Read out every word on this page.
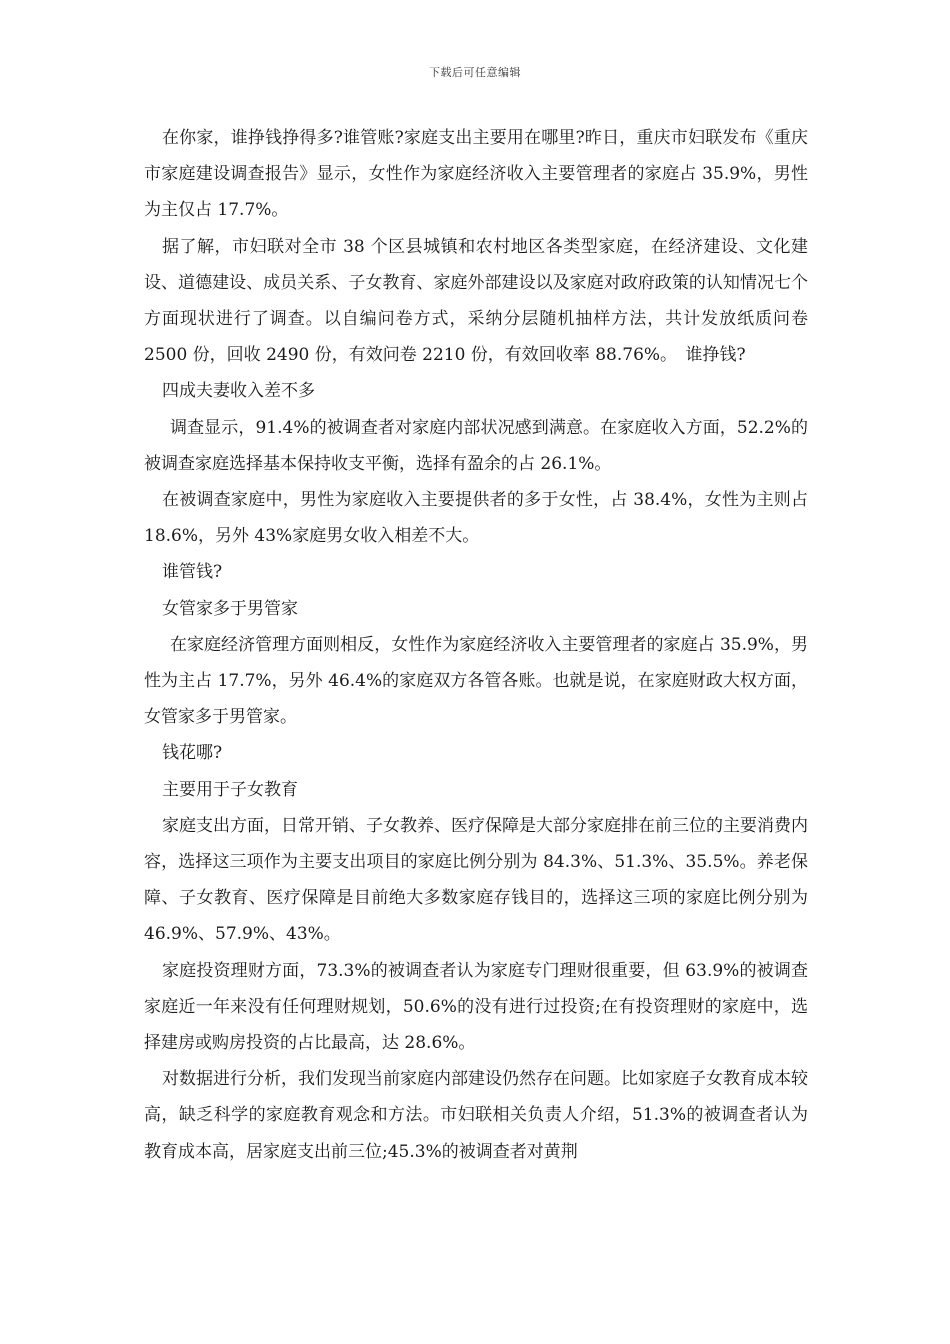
下载后可任意编辑

在你家，谁挣钱挣得多?谁管账?家庭支出主要用在哪里?昨日，重庆市妇联发布《重庆市家庭建设调查报告》显示，女性作为家庭经济收入主要管理者的家庭占 35.9%，男性为主仅占 17.7%。

据了解，市妇联对全市 38 个区县城镇和农村地区各类型家庭，在经济建设、文化建设、道德建设、成员关系、子女教育、家庭外部建设以及家庭对政府政策的认知情况七个方面现状进行了调查。以自编问卷方式，采纳分层随机抽样方法，共计发放纸质问卷 2500 份，回收 2490 份，有效问卷 2210 份，有效回收率 88.76%。　谁挣钱?

四成夫妻收入差不多

调查显示，91.4%的被调查者对家庭内部状况感到满意。在家庭收入方面，52.2%的被调查家庭选择基本保持收支平衡，选择有盈余的占 26.1%。

在被调查家庭中，男性为家庭收入主要提供者的多于女性，占 38.4%，女性为主则占 18.6%，另外 43%家庭男女收入相差不大。

谁管钱?

女管家多于男管家

在家庭经济管理方面则相反，女性作为家庭经济收入主要管理者的家庭占 35.9%，男性为主占 17.7%，另外 46.4%的家庭双方各管各账。也就是说，在家庭财政大权方面，女管家多于男管家。

钱花哪?

主要用于子女教育

家庭支出方面，日常开销、子女教养、医疗保障是大部分家庭排在前三位的主要消费内容，选择这三项作为主要支出项目的家庭比例分别为 84.3%、51.3%、35.5%。养老保障、子女教育、医疗保障是目前绝大多数家庭存钱目的，选择这三项的家庭比例分别为 46.9%、57.9%、43%。

家庭投资理财方面，73.3%的被调查者认为家庭专门理财很重要，但 63.9%的被调查家庭近一年来没有任何理财规划，50.6%的没有进行过投资;在有投资理财的家庭中，选择建房或购房投资的占比最高，达 28.6%。

对数据进行分析，我们发现当前家庭内部建设仍然存在问题。比如家庭子女教育成本较高，缺乏科学的家庭教育观念和方法。市妇联相关负责人介绍，51.3%的被调查者认为教育成本高，居家庭支出前三位;45.3%的被调查者对黄荆
